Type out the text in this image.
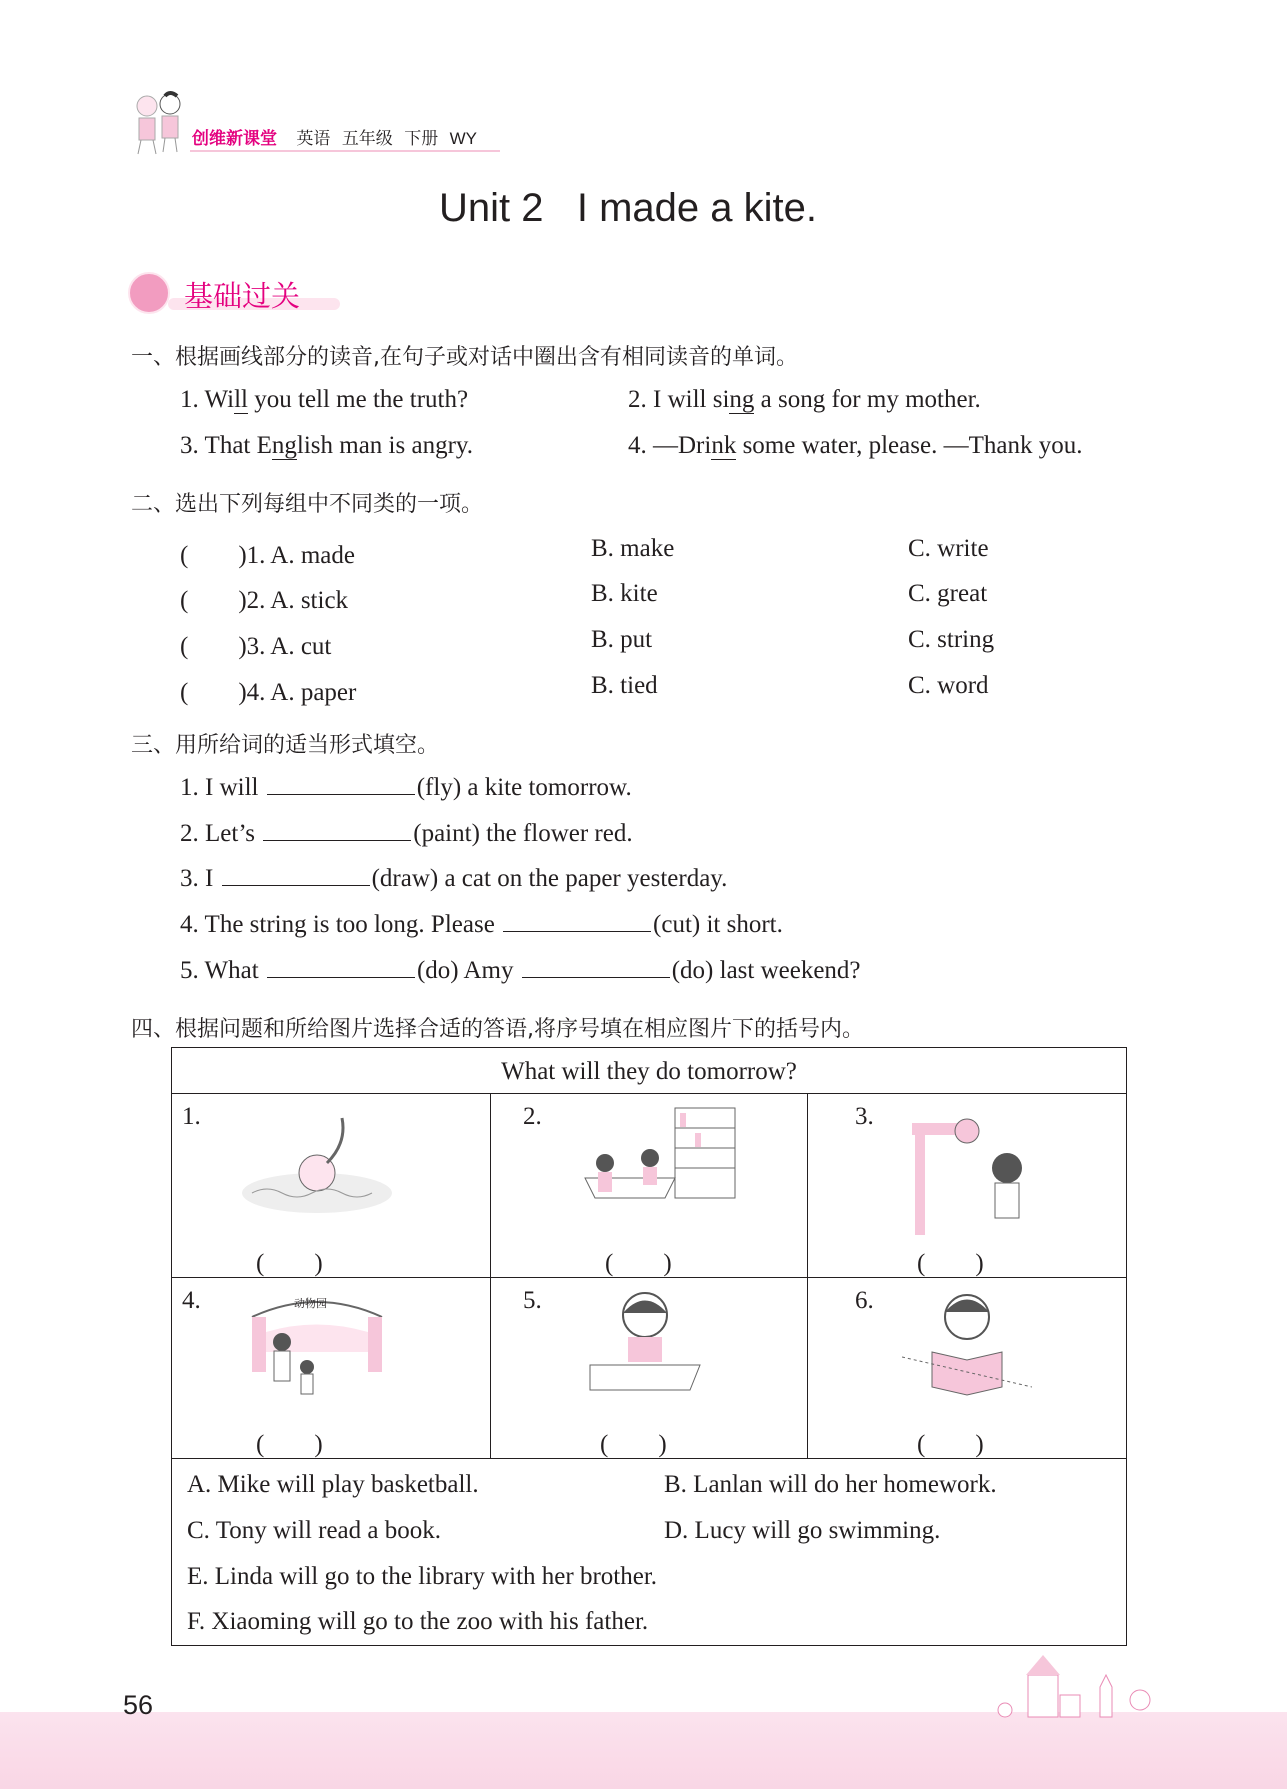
创维新课堂 英语 五年级 下册 WY
Unit 2   I made a kite.
基础过关
一、根据画线部分的读音,在句子或对话中圈出含有相同读音的单词。
1. Will you tell me the truth?	2. I will sing a song for my mother.
3. That English man is angry.	4. —Drink some water, please. —Thank you.
二、选出下列每组中不同类的一项。
(　　)1. A. made	B. make	C. write
(　　)2. A. stick	B. kite	C. great
(　　)3. A. cut	B. put	C. string
(　　)4. A. paper	B. tied	C. word
三、用所给词的适当形式填空。
1. I will	(fly) a kite tomorrow.
2. Let’s	(paint) the flower red.
3. I	(draw) a cat on the paper yesterday.
4. The string is too long. Please	(cut) it short.
5. What	(do) Amy	(do) last weekend?
四、根据问题和所给图片选择合适的答语,将序号填在相应图片下的括号内。
What will they do tomorrow?
1.
(　　)
2.
(　　)
3.
(　　)
4.	动物园
(　　)
5.
(　　)
6.
(　　)
A. Mike will play basketball.	B. Lanlan will do her homework.
C. Tony will read a book.	D. Lucy will go swimming.
E. Linda will go to the library with her brother.
F. Xiaoming will go to the zoo with his father.
56
